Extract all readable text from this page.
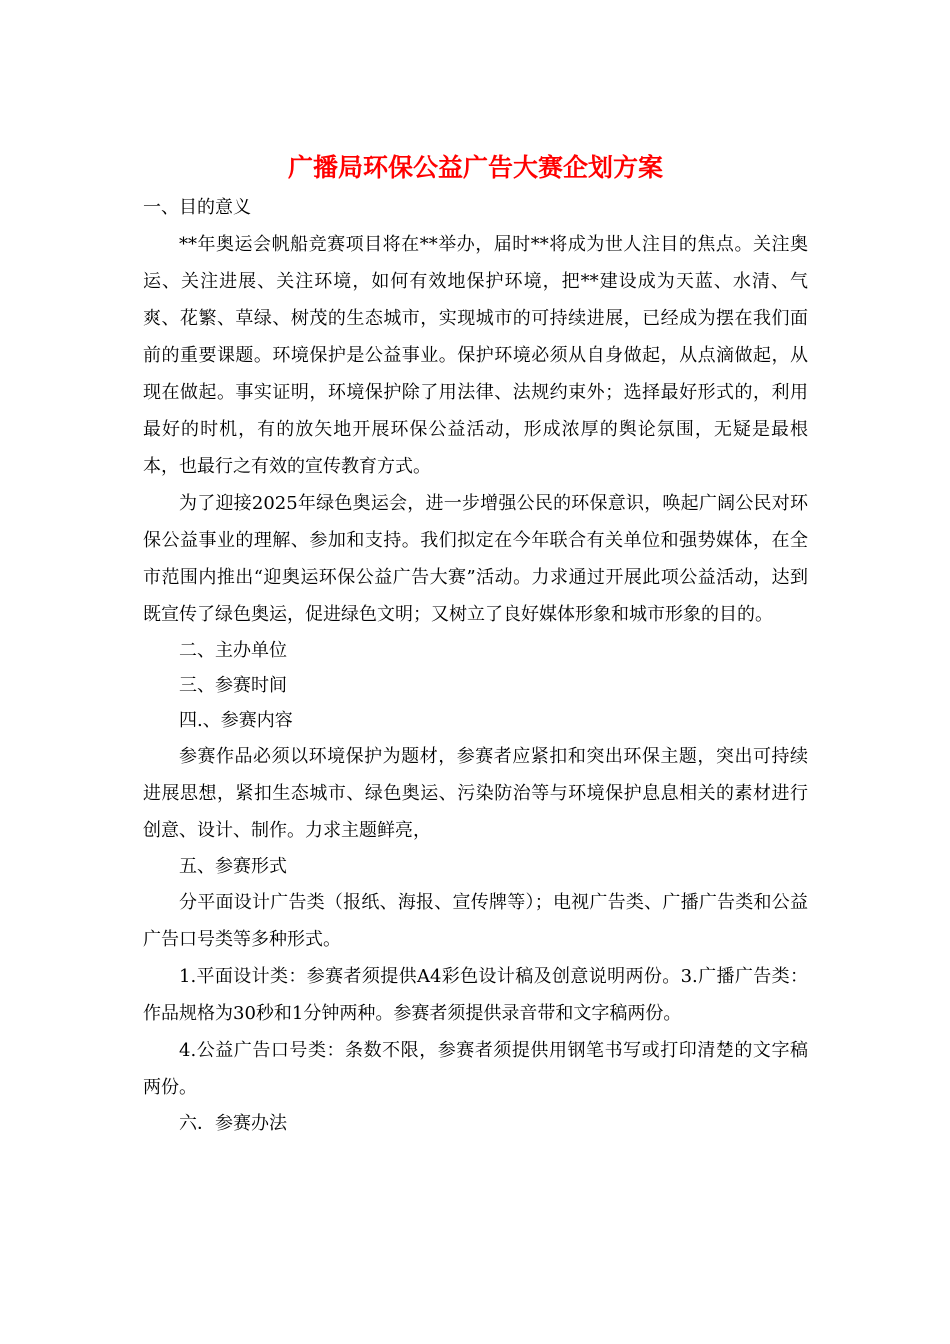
广播局环保公益广告大赛企划方案

一、目的意义

**年奥运会帆船竞赛项目将在**举办，届时**将成为世人注目的焦点。关注奥运、关注进展、关注环境，如何有效地保护环境，把**建设成为天蓝、水清、气爽、花繁、草绿、树茂的生态城市，实现城市的可持续进展，已经成为摆在我们面前的重要课题。环境保护是公益事业。保护环境必须从自身做起，从点滴做起，从现在做起。事实证明，环境保护除了用法律、法规约束外；选择最好形式的，利用最好的时机，有的放矢地开展环保公益活动，形成浓厚的舆论氛围，无疑是最根本，也最行之有效的宣传教育方式。

为了迎接2025年绿色奥运会，进一步增强公民的环保意识，唤起广阔公民对环保公益事业的理解、参加和支持。我们拟定在今年联合有关单位和强势媒体，在全市范围内推出“迎奥运环保公益广告大赛”活动。力求通过开展此项公益活动，达到既宣传了绿色奥运，促进绿色文明；又树立了良好媒体形象和城市形象的目的。

二、主办单位

三、参赛时间

四.、参赛内容

参赛作品必须以环境保护为题材，参赛者应紧扣和突出环保主题，突出可持续进展思想，紧扣生态城市、绿色奥运、污染防治等与环境保护息息相关的素材进行创意、设计、制作。力求主题鲜亮，

五、参赛形式

分平面设计广告类（报纸、海报、宣传牌等）；电视广告类、广播广告类和公益广告口号类等多种形式。

1.平面设计类：参赛者须提供A4彩色设计稿及创意说明两份。3.广播广告类：作品规格为30秒和1分钟两种。参赛者须提供录音带和文字稿两份。

4.公益广告口号类：条数不限，参赛者须提供用钢笔书写或打印清楚的文字稿两份。

六．参赛办法
